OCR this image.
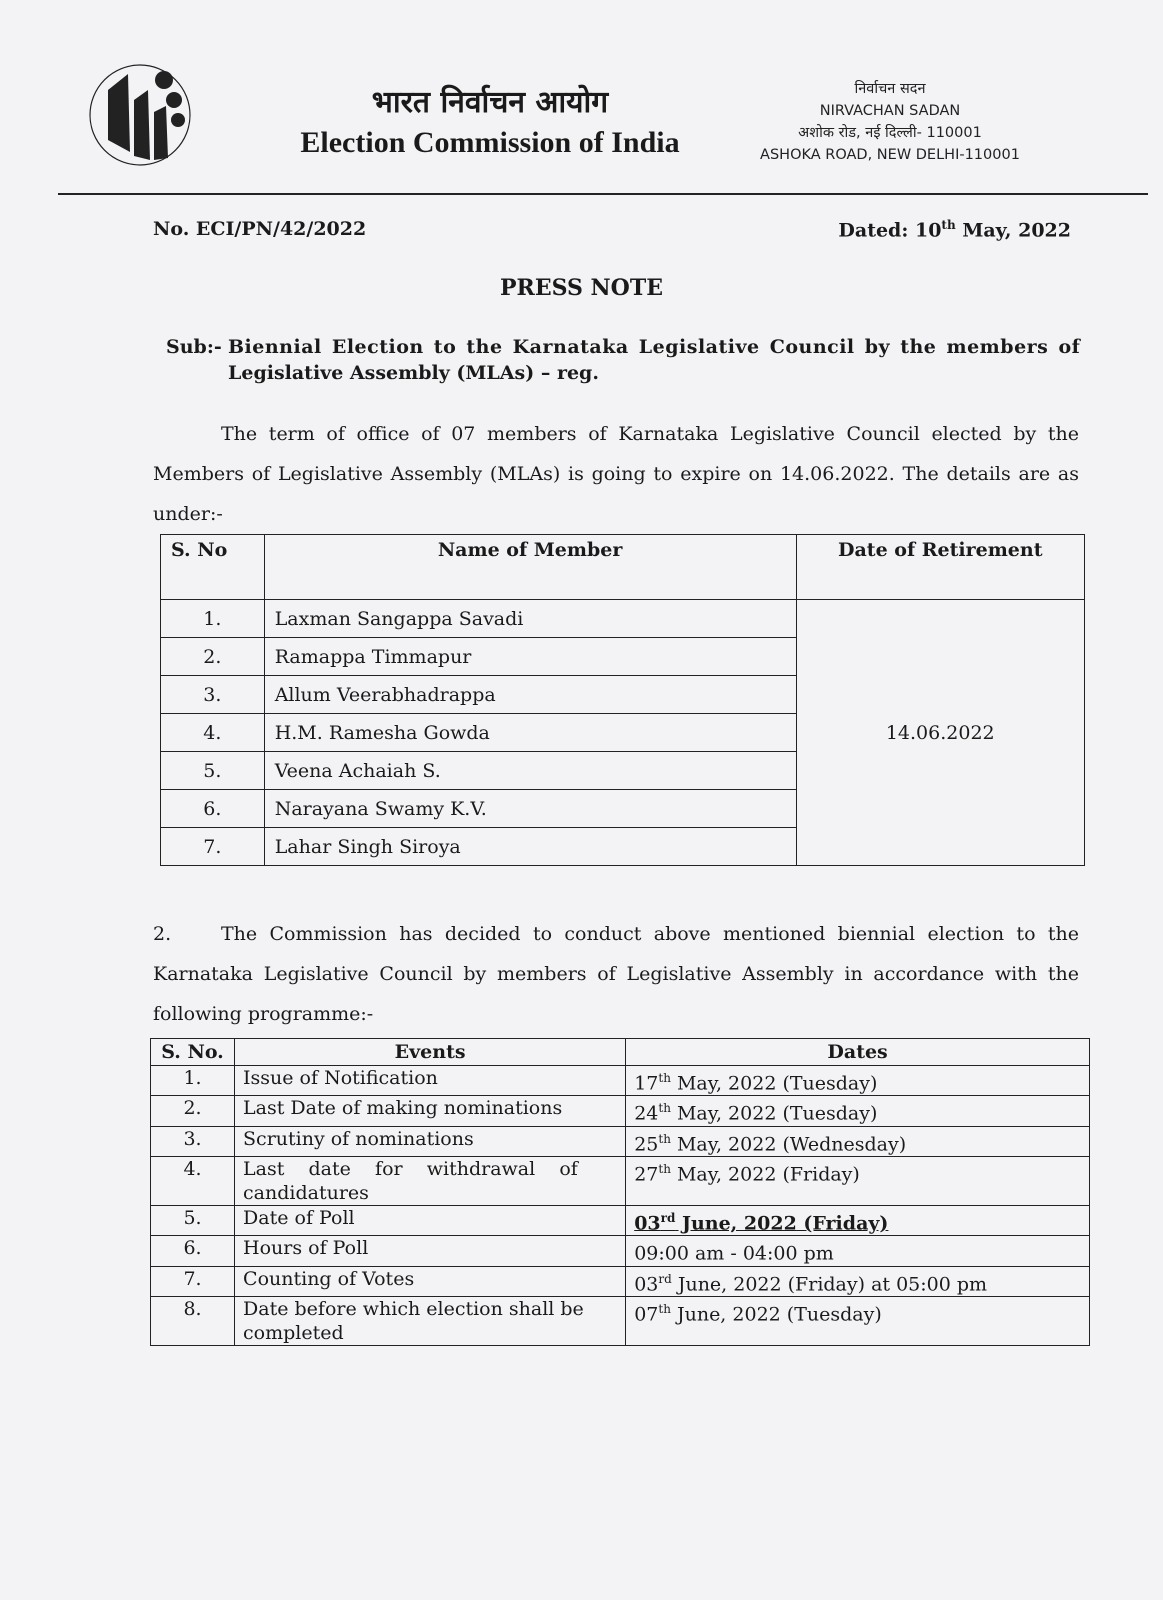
भारत निर्वाचन आयोग
Election Commission of India
निर्वाचन सदन
NIRVACHAN SADAN
अशोक रोड, नई दिल्ली- 110001
ASHOKA ROAD, NEW DELHI-110001
No. ECI/PN/42/2022	Dated: 10th May, 2022
PRESS NOTE
Sub:- Biennial Election to the Karnataka Legislative Council by the members of
Legislative Assembly (MLAs) – reg.
The term of office of 07 members of Karnataka Legislative Council elected by the Members of Legislative Assembly (MLAs) is going to expire on 14.06.2022. The details are as under:-
S. No	Name of Member	Date of Retirement
1.	Laxman Sangappa Savadi	14.06.2022
2.	Ramappa Timmapur	
3.	Allum Veerabhadrappa	
4.	H.M. Ramesha Gowda	
5.	Veena Achaiah S.	
6.	Narayana Swamy K.V.	
7.	Lahar Singh Siroya	
2.	The Commission has decided to conduct above mentioned biennial election to the Karnataka Legislative Council by members of Legislative Assembly in accordance with the following programme:-
S. No.	Events	Dates
1.	Issue of Notification	17th May, 2022 (Tuesday)
2.	Last Date of making nominations	24th May, 2022 (Tuesday)
3.	Scrutiny of nominations	25th May, 2022 (Wednesday)
4.	Last    date    for    withdrawal    of candidatures	27th May, 2022 (Friday)
5.	Date of Poll	03rd June, 2022 (Friday)
6.	Hours of Poll	09:00 am - 04:00 pm
7.	Counting of Votes	03rd June, 2022 (Friday) at 05:00 pm
8.	Date before which election shall be completed	07th June, 2022 (Tuesday)
